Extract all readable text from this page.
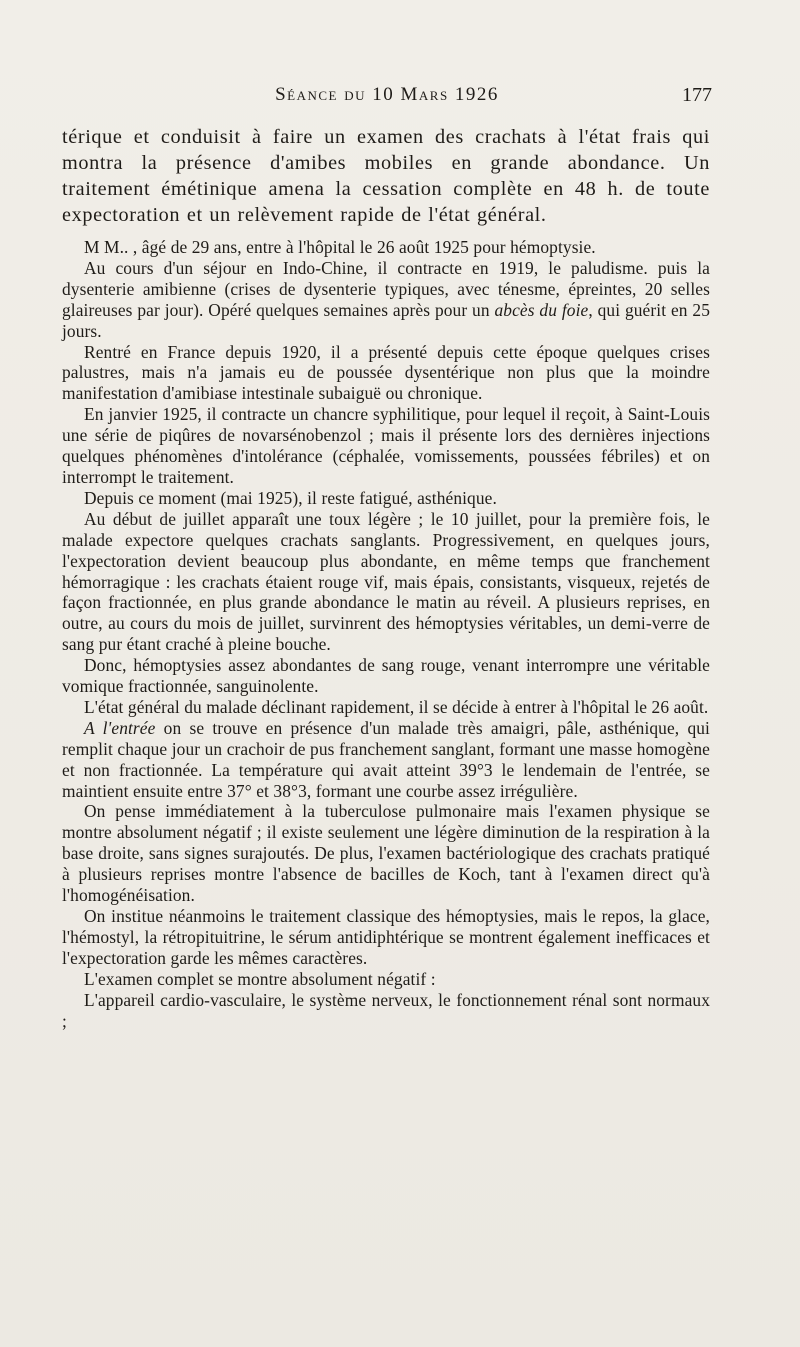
Séance du 10 Mars 1926	177

térique et conduisit à faire un examen des crachats à l'état frais qui montra la présence d'amibes mobiles en grande abondance. Un traitement émétinique amena la cessation complète en 48 h. de toute expectoration et un relèvement rapide de l'état général.

M M.. , âgé de 29 ans, entre à l'hôpital le 26 août 1925 pour hémoptysie.

Au cours d'un séjour en Indo-Chine, il contracte en 1919, le paludisme. puis la dysenterie amibienne (crises de dysenterie typiques, avec ténesme, épreintes, 20 selles glaireuses par jour). Opéré quelques semaines après pour un abcès du foie, qui guérit en 25 jours.

Rentré en France depuis 1920, il a présenté depuis cette époque quelques crises palustres, mais n'a jamais eu de poussée dysentérique non plus que la moindre manifestation d'amibiase intestinale subaiguë ou chronique.

En janvier 1925, il contracte un chancre syphilitique, pour lequel il reçoit, à Saint-Louis une série de piqûres de novarsénobenzol ; mais il présente lors des dernières injections quelques phénomènes d'intolérance (céphalée, vomissements, poussées fébriles) et on interrompt le traitement.

Depuis ce moment (mai 1925), il reste fatigué, asthénique.

Au début de juillet apparaît une toux légère ; le 10 juillet, pour la première fois, le malade expectore quelques crachats sanglants. Progressivement, en quelques jours, l'expectoration devient beaucoup plus abondante, en même temps que franchement hémorragique : les crachats étaient rouge vif, mais épais, consistants, visqueux, rejetés de façon fractionnée, en plus grande abondance le matin au réveil. A plusieurs reprises, en outre, au cours du mois de juillet, survinrent des hémoptysies véritables, un demi-verre de sang pur étant craché à pleine bouche.

Donc, hémoptysies assez abondantes de sang rouge, venant interrompre une véritable vomique fractionnée, sanguinolente.

L'état général du malade déclinant rapidement, il se décide à entrer à l'hôpital le 26 août.

A l'entrée on se trouve en présence d'un malade très amaigri, pâle, asthénique, qui remplit chaque jour un crachoir de pus franchement sanglant, formant une masse homogène et non fractionnée. La température qui avait atteint 39°3 le lendemain de l'entrée, se maintient ensuite entre 37° et 38°3, formant une courbe assez irrégulière.

On pense immédiatement à la tuberculose pulmonaire mais l'examen physique se montre absolument négatif ; il existe seulement une légère diminution de la respiration à la base droite, sans signes surajoutés. De plus, l'examen bactériologique des crachats pratiqué à plusieurs reprises montre l'absence de bacilles de Koch, tant à l'examen direct qu'à l'homogénéisation.

On institue néanmoins le traitement classique des hémoptysies, mais le repos, la glace, l'hémostyl, la rétropituitrine, le sérum antidiphtérique se montrent également inefficaces et l'expectoration garde les mêmes caractères.

L'examen complet se montre absolument négatif :

L'appareil cardio-vasculaire, le système nerveux, le fonctionnement rénal sont normaux ;
